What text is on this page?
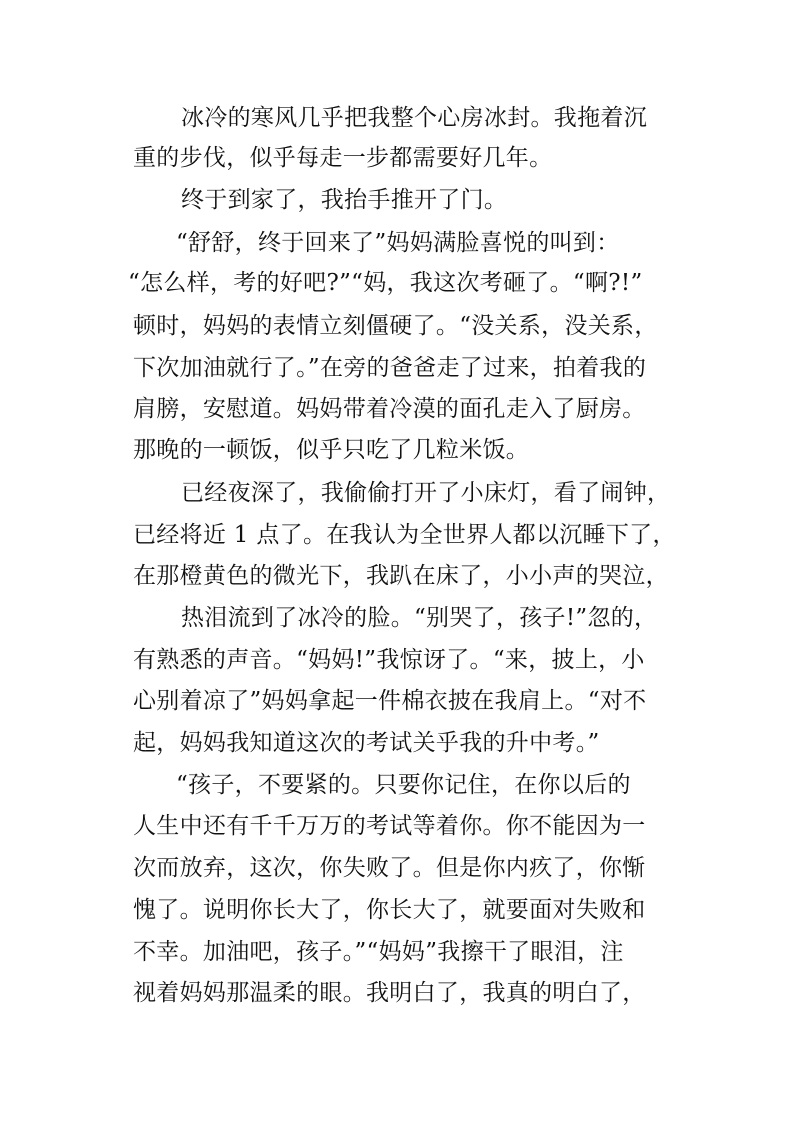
冰冷的寒风几乎把我整个心房冰封。我拖着沉
重的步伐，似乎每走一步都需要好几年。
终于到家了，我抬手推开了门。
“舒舒，终于回来了”妈妈满脸喜悦的叫到：
“怎么样，考的好吧?”“妈，我这次考砸了。“啊?!”
顿时，妈妈的表情立刻僵硬了。“没关系，没关系，
下次加油就行了。”在旁的爸爸走了过来，拍着我的
肩膀，安慰道。妈妈带着冷漠的面孔走入了厨房。
那晚的一顿饭，似乎只吃了几粒米饭。
已经夜深了，我偷偷打开了小床灯，看了闹钟，
已经将近 1 点了。在我认为全世界人都以沉睡下了，
在那橙黄色的微光下，我趴在床了，小小声的哭泣，
热泪流到了冰冷的脸。“别哭了，孩子!”忽的，
有熟悉的声音。“妈妈!”我惊讶了。“来，披上，小
心别着凉了”妈妈拿起一件棉衣披在我肩上。“对不
起，妈妈我知道这次的考试关乎我的升中考。”
“孩子，不要紧的。只要你记住，在你以后的
人生中还有千千万万的考试等着你。你不能因为一
次而放弃，这次，你失败了。但是你内疚了，你惭
愧了。说明你长大了，你长大了，就要面对失败和
不幸。加油吧，孩子。”“妈妈”我擦干了眼泪，注
视着妈妈那温柔的眼。我明白了，我真的明白了，
